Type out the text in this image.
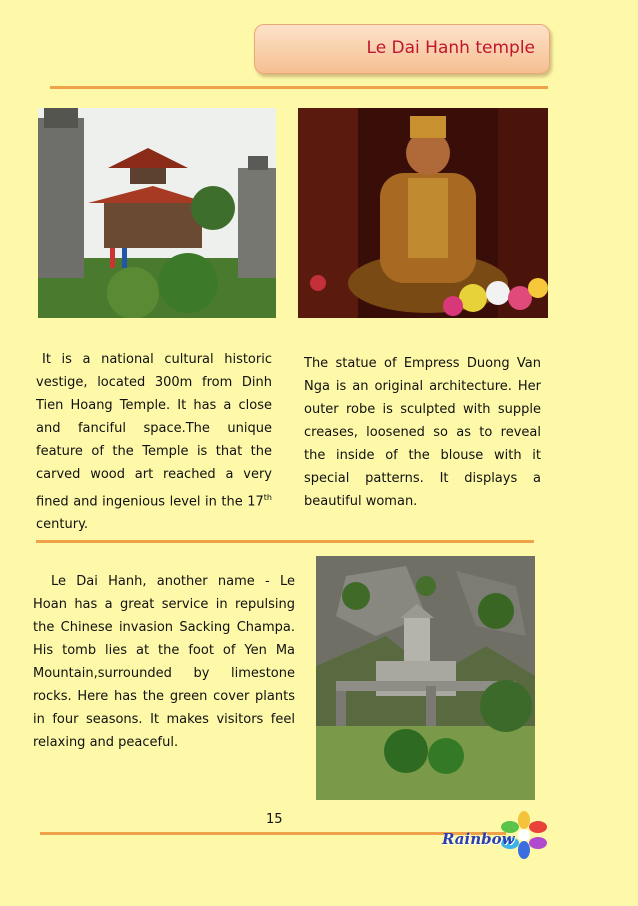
Le Dai Hanh temple

It is a national cultural historic vestige, located 300m from Dinh Tien Hoang Temple. It has a close and fanciful space.The unique feature of the Temple is that the carved wood art reached a very fined and ingenious level in the 17th century.

The statue of Empress Duong Van Nga is an original architecture. Her outer robe is sculpted with supple creases, loosened so as to reveal the inside of the blouse with it special patterns. It displays a beautiful woman.

Le Dai Hanh, another name - Le Hoan has a great service in repulsing the Chinese invasion Sacking Champa. His tomb lies at the foot of Yen Ma Mountain,surrounded by limestone rocks. Here has the green cover plants in four seasons. It makes visitors feel relaxing and peaceful.

15
Rainbow
